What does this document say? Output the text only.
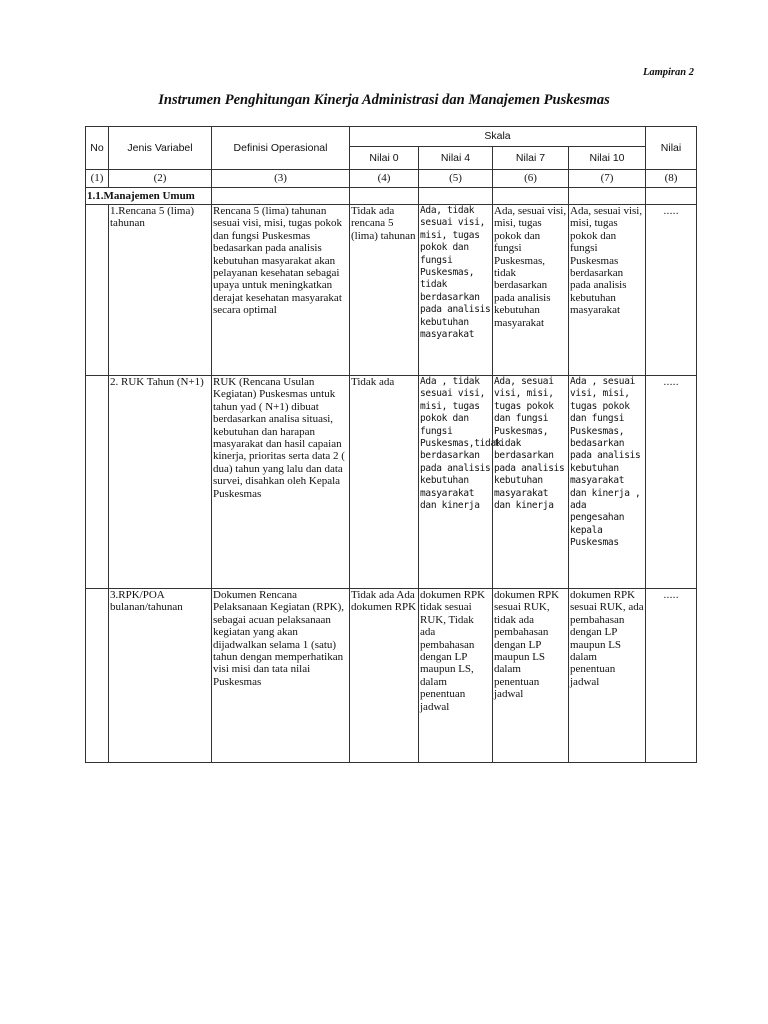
Lampiran 2
Instrumen Penghitungan Kinerja Administrasi dan Manajemen Puskesmas
No	Jenis Variabel	Definisi Operasional	Skala				Nilai
			Nilai 0	Nilai 4	Nilai 7	Nilai 10	
(1)	(2)	(3)	(4)	(5)	(6)	(7)	(8)
1.1.Manajemen Umum							
	1.Rencana 5 (lima) tahunan	Rencana 5 (lima) tahunan sesuai visi, misi, tugas pokok dan fungsi Puskesmas bedasarkan pada analisis kebutuhan masyarakat akan pelayanan kesehatan sebagai upaya untuk meningkatkan derajat kesehatan masyarakat secara optimal	Tidak ada rencana 5 (lima) tahunan	Ada, tidak sesuai visi, misi, tugas pokok dan fungsi Puskesmas, tidak berdasarkan pada analisis kebutuhan masyarakat	Ada, sesuai visi, misi, tugas pokok dan fungsi Puskesmas, tidak berdasarkan pada analisis kebutuhan masyarakat	Ada, sesuai visi, misi, tugas pokok dan fungsi Puskesmas berdasarkan pada analisis kebutuhan masyarakat	.....
	2. RUK Tahun (N+1)	RUK (Rencana Usulan Kegiatan) Puskesmas untuk tahun yad ( N+1) dibuat berdasarkan analisa situasi, kebutuhan dan harapan masyarakat dan hasil capaian kinerja, prioritas serta data 2 ( dua) tahun yang lalu dan data survei, disahkan oleh Kepala Puskesmas	Tidak ada	Ada , tidak sesuai visi, misi, tugas pokok dan fungsi Puskesmas,tidak berdasarkan pada analisis kebutuhan masyarakat dan kinerja	Ada, sesuai visi, misi, tugas pokok dan fungsi Puskesmas, tidak berdasarkan pada analisis kebutuhan masyarakat dan kinerja	Ada , sesuai visi, misi, tugas pokok dan fungsi Puskesmas, bedasarkan pada analisis kebutuhan masyarakat dan kinerja , ada pengesahan kepala Puskesmas	.....
	3.RPK/POA bulanan/tahunan	Dokumen Rencana Pelaksanaan Kegiatan (RPK), sebagai acuan pelaksanaan kegiatan yang akan dijadwalkan selama 1 (satu) tahun dengan memperhatikan visi misi dan tata nilai Puskesmas	Tidak ada Ada dokumen RPK	dokumen RPK tidak sesuai RUK, Tidak ada pembahasan dengan LP maupun LS, dalam penentuan jadwal	dokumen RPK sesuai RUK, tidak ada pembahasan dengan LP maupun LS dalam penentuan jadwal	dokumen RPK sesuai RUK, ada pembahasan dengan LP maupun LS dalam penentuan jadwal	.....
